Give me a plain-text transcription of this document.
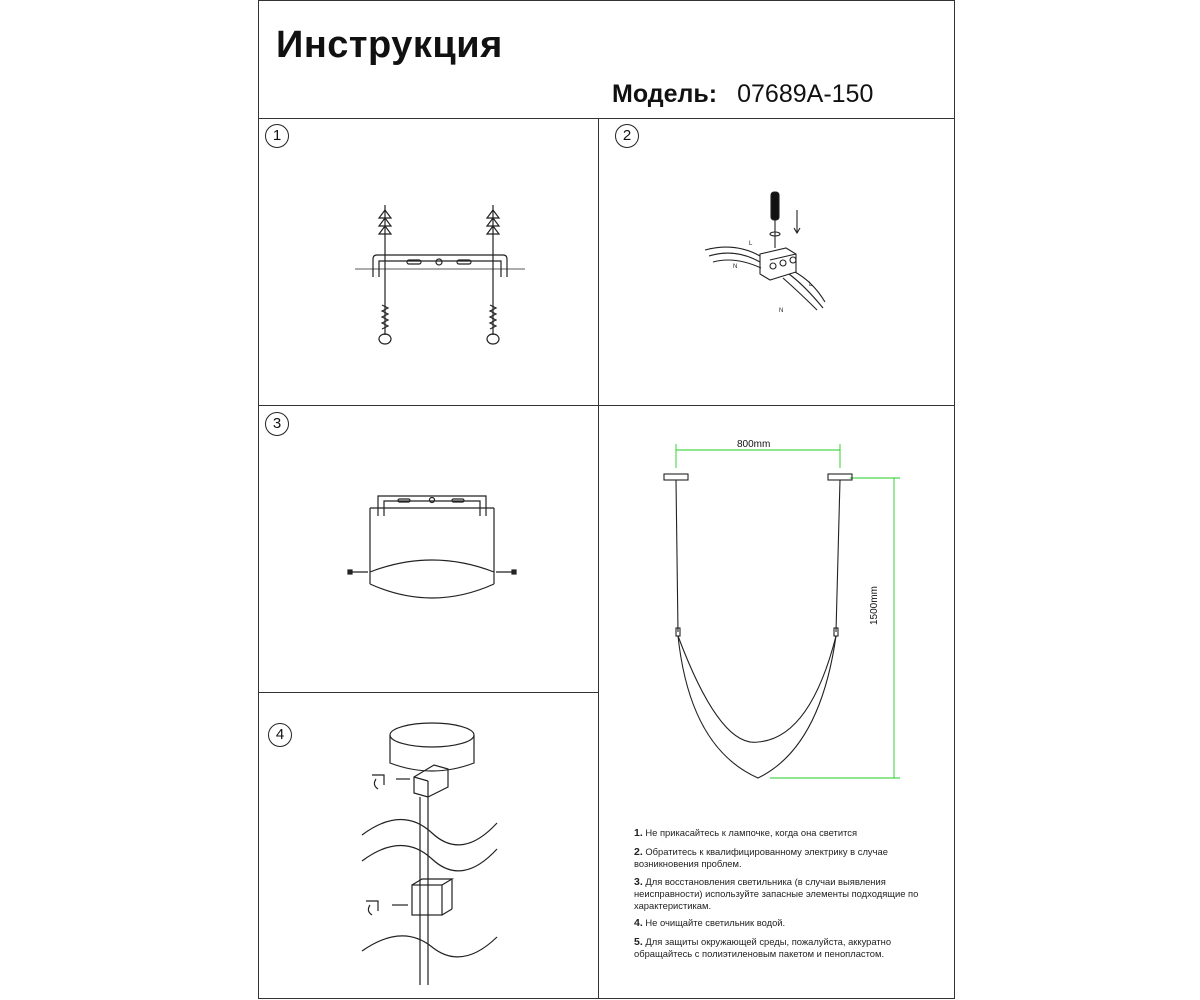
Инструкция
Модель: 07689A-150
1	2
3
4
L
N
L
N
800mm
1500mm
1. Не прикасайтесь к лампочке, когда она светится
2. Обратитесь к квалифицированному электрику в случае возникновения проблем.
3. Для восстановления светильника (в случаи выявления неисправности) используйте запасные элементы подходящие по характеристикам.
4. Не очищайте светильник водой.
5. Для защиты окружающей среды, пожалуйста, аккуратно обращайтесь с полиэтиленовым пакетом и пенопластом.
